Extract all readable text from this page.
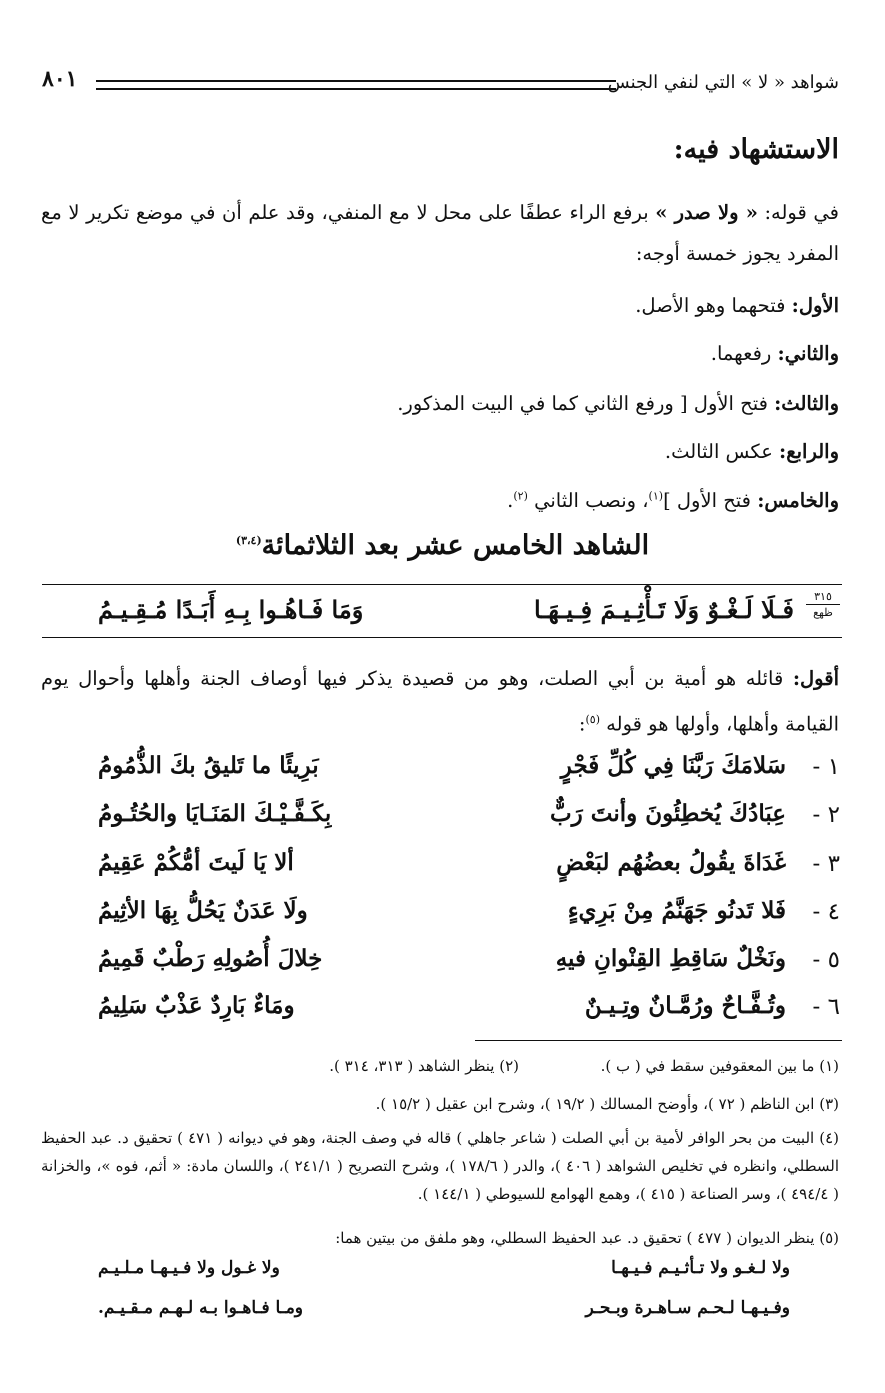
شواهد « لا » التي لنفي الجنس
٨٠١
الاستشهاد فيه:
في قوله: « ولا صدر » برفع الراء عطفًا على محل لا مع المنفي، وقد علم أن في موضع تكرير لا مع المفرد يجوز خمسة أوجه:
الأول: فتحهما وهو الأصل.
والثاني: رفعهما.
والثالث: فتح الأول [ ورفع الثاني كما في البيت المذكور.
والرابع: عكس الثالث.
والخامس: فتح الأول ]$^{(١)}$، ونصب الثاني $^{(٢)}$.
الشاهد الخامس عشر بعد الثلاثمائة$^{(٣،٤)}$
٣١٥
ظهع
فَـلَا لَـغْـوٌ وَلَا تَـأْثِـيـمَ فِـيـهَـا
وَمَا فَـاهُـوا بِـهِ أَبَـدًا مُـقِـيـمُ
أقول: قائله هو أمية بن أبي الصلت، وهو من قصيدة يذكر فيها أوصاف الجنة وأهلها وأحوال يوم القيامة وأهلها، وأولها هو قوله $^{(٥)}$:
١ -
سَلامَكَ رَبَّنَا فِي كُلِّ فَجْرٍ
بَرِيئًا ما تَليقُ بكَ الذُّمُومُ
٢ -
عِبَادُكَ يُخطِئُونَ وأنتَ رَبٌّ
بِكَـفَّـيْـكَ المَنَـايَا والحُتُـومُ
٣ -
غَدَاةَ يقُولُ بعضُهُم لبَعْضٍ
ألا يَا لَيتَ أمُّكُمْ عَقِيمُ
٤ -
فَلا تَدنُو جَهَنَّمُ مِنْ بَرِيءٍ
ولَا عَدَنٌ يَحُلُّ بِهَا الأثِيمُ
٥ -
ونَخْلٌ سَاقِطِ القِنْوانِ فيهِ
خِلالَ أُصُولِهِ رَطْبٌ قَمِيمُ
٦ -
وتُـفَّـاحٌ ورُمَّـانٌ وتِـيـنٌ
ومَاءٌ بَارِدٌ عَذْبٌ سَلِيمُ
(١) ما بين المعقوفين سقط في ( ب ).  (٢) ينظر الشاهد ( ٣١٣، ٣١٤ ).
(٣) ابن الناظم ( ٧٢ )، وأوضح المسالك ( ١٩/٢ )، وشرح ابن عقيل ( ١٥/٢ ).
(٤) البيت من بحر الوافر لأمية بن أبي الصلت ( شاعر جاهلي ) قاله في وصف الجنة، وهو في ديوانه ( ٤٧١ ) تحقيق د. عبد الحفيظ السطلي، وانظره في تخليص الشواهد ( ٤٠٦ )، والدر ( ١٧٨/٦ )، وشرح التصريح ( ٢٤١/١ )، واللسان مادة: « أثم، فوه »، والخزانة ( ٤٩٤/٤ )، وسر الصناعة ( ٤١٥ )، وهمع الهوامع للسيوطي ( ١٤٤/١ ).
(٥) ينظر الديوان ( ٤٧٧ ) تحقيق د. عبد الحفيظ السطلي، وهو ملفق من بيتين هما:
ولا لـغـو ولا تـأثـيـم فـيـهـا
ولا غـول ولا فـيـهـا مـلـيـم
وفـيـهـا لـحـم سـاهـرة وبـحـر
ومـا فـاهـوا بـه لـهـم مـقـيـم.
